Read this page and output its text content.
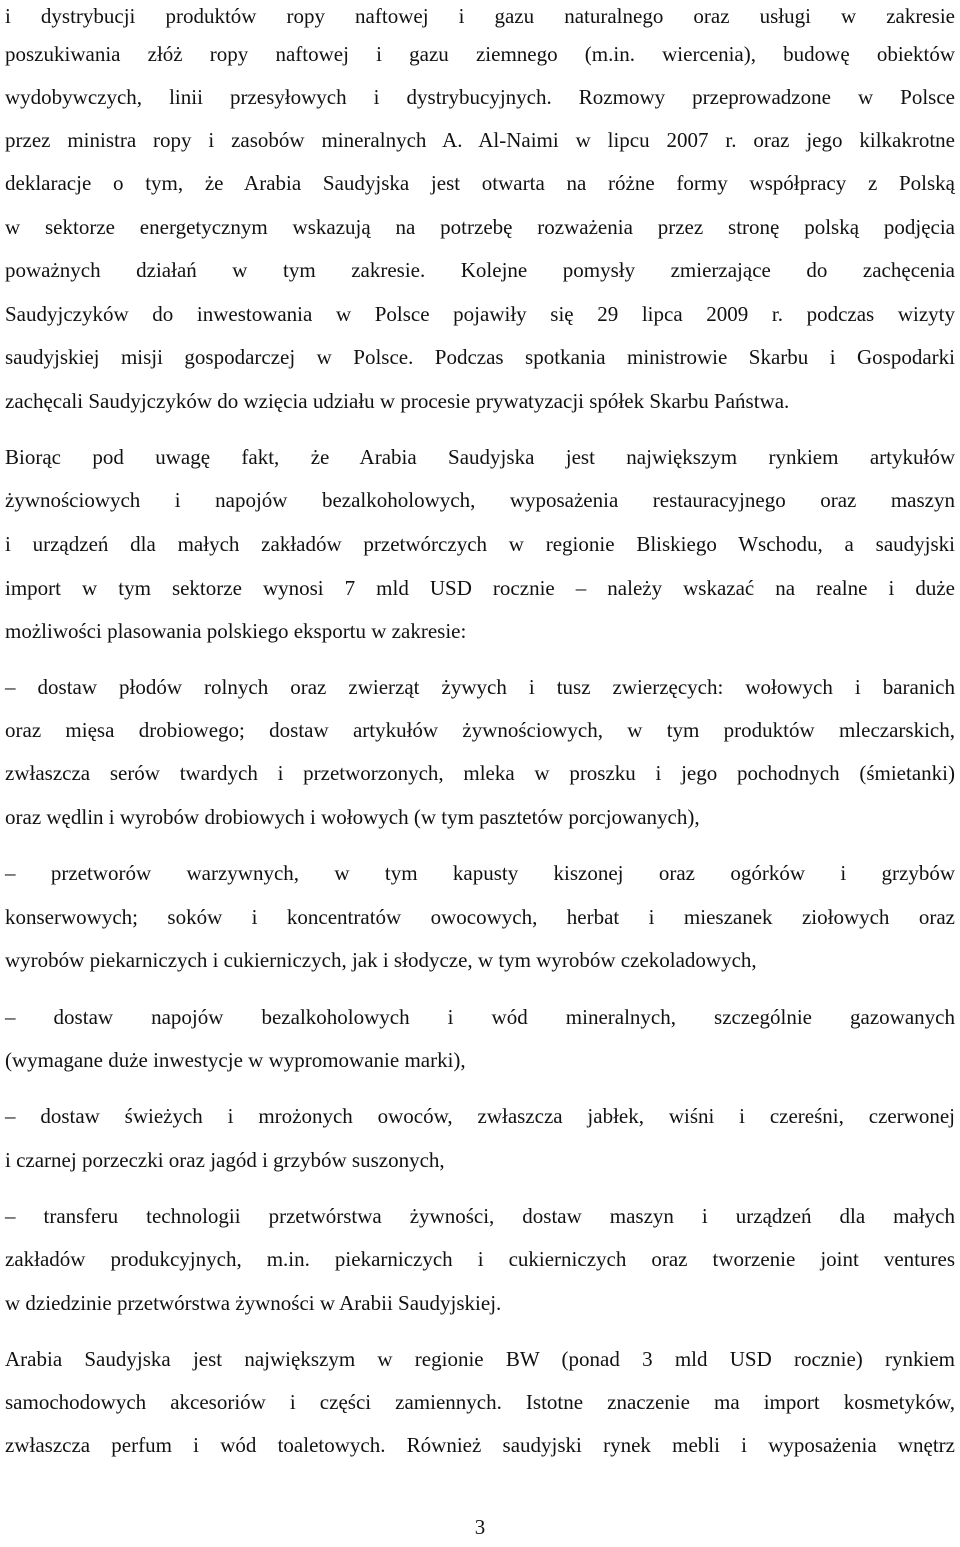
i dystrybucji produktów ropy naftowej i gazu naturalnego oraz usługi w zakresie
poszukiwania złóż ropy naftowej i gazu ziemnego (m.in. wiercenia), budowę obiektów
wydobywczych, linii przesyłowych i dystrybucyjnych. Rozmowy przeprowadzone w Polsce
przez ministra ropy i zasobów mineralnych A. Al-Naimi w lipcu 2007 r. oraz jego kilkakrotne
deklaracje o tym, że Arabia Saudyjska jest otwarta na różne formy współpracy z Polską
w sektorze energetycznym wskazują na potrzebę rozważenia przez stronę polską podjęcia
poważnych działań w tym zakresie. Kolejne pomysły zmierzające do zachęcenia
Saudyjczyków do inwestowania w Polsce pojawiły się 29 lipca 2009 r. podczas wizyty
saudyjskiej misji gospodarczej w Polsce. Podczas spotkania ministrowie Skarbu i Gospodarki
zachęcali Saudyjczyków do wzięcia udziału w procesie prywatyzacji spółek Skarbu Państwa.
Biorąc pod uwagę fakt, że Arabia Saudyjska jest największym rynkiem artykułów
żywnościowych i napojów bezalkoholowych, wyposażenia restauracyjnego oraz maszyn
i urządzeń dla małych zakładów przetwórczych w regionie Bliskiego Wschodu, a saudyjski
import w tym sektorze wynosi 7 mld USD rocznie – należy wskazać na realne i duże
możliwości plasowania polskiego eksportu w zakresie:
– dostaw płodów rolnych oraz zwierząt żywych i tusz zwierzęcych: wołowych i baranich
oraz mięsa drobiowego; dostaw artykułów żywnościowych, w tym produktów mleczarskich,
zwłaszcza serów twardych i przetworzonych, mleka w proszku i jego pochodnych (śmietanki)
oraz wędlin i wyrobów drobiowych i wołowych (w tym pasztetów porcjowanych),
– przetworów warzywnych, w tym kapusty kiszonej oraz ogórków i grzybów
konserwowych; soków i koncentratów owocowych, herbat i mieszanek ziołowych oraz
wyrobów piekarniczych i cukierniczych, jak i słodycze, w tym wyrobów czekoladowych,
– dostaw napojów bezalkoholowych i wód mineralnych, szczególnie gazowanych
(wymagane duże inwestycje w wypromowanie marki),
– dostaw świeżych i mrożonych owoców, zwłaszcza jabłek, wiśni i czereśni, czerwonej
i czarnej porzeczki oraz jagód i grzybów suszonych,
– transferu technologii przetwórstwa żywności, dostaw maszyn i urządzeń dla małych
zakładów produkcyjnych, m.in. piekarniczych i cukierniczych oraz tworzenie joint ventures
w dziedzinie przetwórstwa żywności w Arabii Saudyjskiej.
Arabia Saudyjska jest największym w regionie BW (ponad 3 mld USD rocznie) rynkiem
samochodowych akcesoriów i części zamiennych. Istotne znaczenie ma import kosmetyków,
zwłaszcza perfum i wód toaletowych. Również saudyjski rynek mebli i wyposażenia wnętrz
3
